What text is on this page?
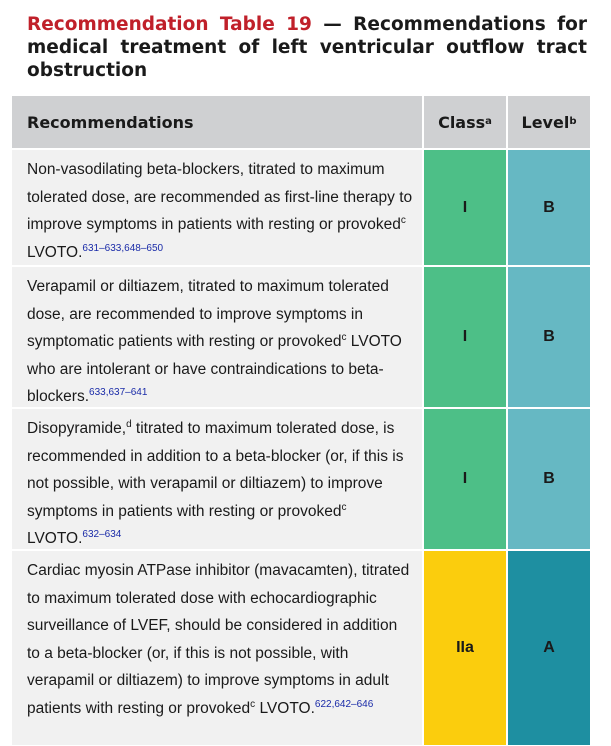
Recommendation Table 19 — Recommendations for medical treatment of left ventricular outflow tract obstruction
Recommendations	Class a Level b
Non-vasodilating beta-blockers, titrated to maximum tolerated dose, are recommended as first-line therapy to improve symptoms in patients with resting or provoked$^c$ LVOTO.$^{631-633,648-650}$
I	B
Verapamil or diltiazem, titrated to maximum tolerated dose, are recommended to improve symptoms in symptomatic patients with resting or provoked$^c$ LVOTO who are intolerant or have contraindications to beta-blockers.$^{633,637-641}$
I	B
Disopyramide,$^d$ titrated to maximum tolerated dose, is recommended in addition to a beta-blocker (or, if this is not possible, with verapamil or diltiazem) to improve symptoms in patients with resting or provoked$^c$ LVOTO.$^{632-634}$
I	B
Cardiac myosin ATPase inhibitor (mavacamten), titrated to maximum tolerated dose with echocardiographic surveillance of LVEF, should be considered in addition to a beta-blocker (or, if this is not possible, with verapamil or diltiazem) to improve symptoms in adult patients with resting or provoked$^c$ LVOTO.$^{622,642-646}$
IIa	A
